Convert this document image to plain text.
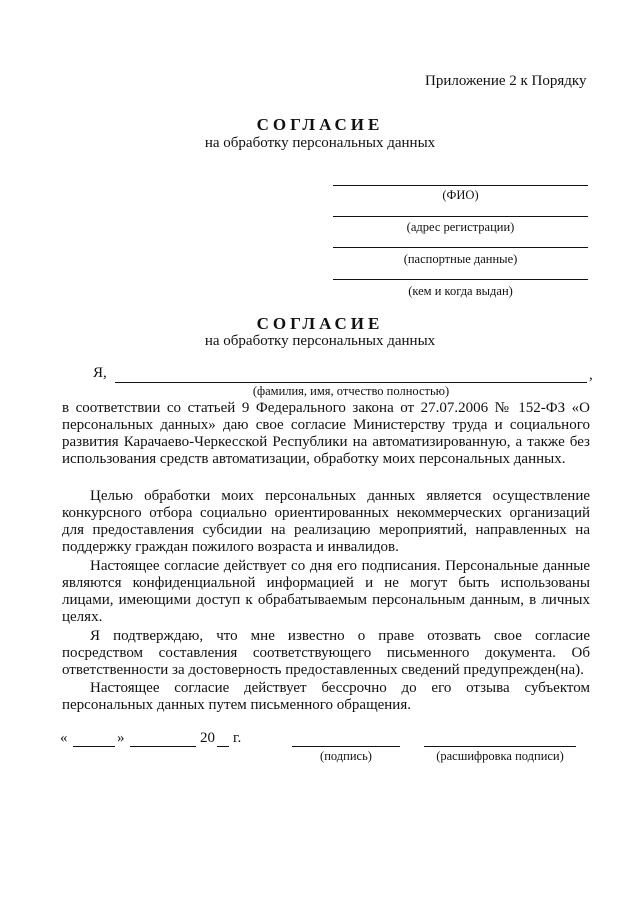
Приложение 2 к Порядку
СОГЛАСИЕ
на обработку персональных данных
(ФИО)
(адрес регистрации)
(паспортные данные)
(кем и когда выдан)
СОГЛАСИЕ
на обработку персональных данных
Я,	,
(фамилия, имя, отчество полностью)
в соответствии со статьей 9 Федерального закона от 27.07.2006 № 152-ФЗ «О персональных данных» даю свое согласие Министерству труда и социального развития Карачаево-Черкесской Республики на автоматизированную, а также без использования средств автоматизации, обработку моих персональных данных.
Целью обработки моих персональных данных является осуществление конкурсного отбора социально ориентированных некоммерческих организаций для предоставления субсидии на реализацию мероприятий, направленных на поддержку граждан пожилого возраста и инвалидов.
Настоящее согласие действует со дня его подписания. Персональные данные являются конфиденциальной информацией и не могут быть использованы лицами, имеющими доступ к обрабатываемым персональным данным, в личных целях.
Я подтверждаю, что мне известно о праве отозвать свое согласие посредством составления соответствующего письменного документа. Об ответственности за достоверность предоставленных сведений предупрежден(на).
Настоящее согласие действует бессрочно до его отзыва субъектом персональных данных путем письменного обращения.
«	»	20 г.
(подпись)	(расшифровка подписи)
